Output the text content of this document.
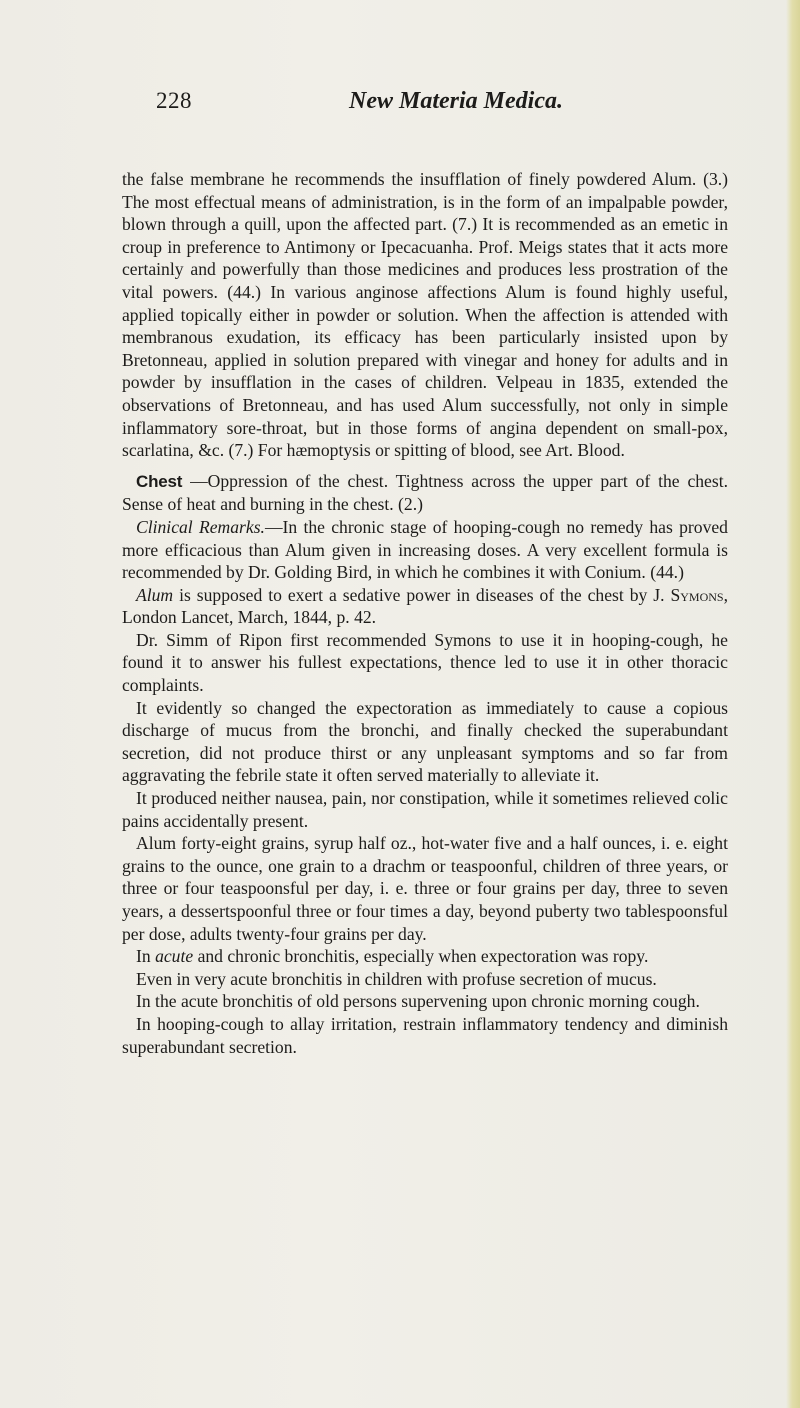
228	New Materia Medica.

the false membrane he recommends the insufflation of finely powdered Alum. (3.) The most effectual means of administration, is in the form of an impalpable powder, blown through a quill, upon the affected part. (7.) It is recommended as an emetic in croup in preference to Antimony or Ipecacuanha. Prof. Meigs states that it acts more certainly and powerfully than those medicines and produces less prostration of the vital powers. (44.) In various anginose affections Alum is found highly useful, applied topically either in powder or solution. When the affection is attended with membranous exudation, its efficacy has been particularly insisted upon by Bretonneau, applied in solution prepared with vinegar and honey for adults and in powder by insufflation in the cases of children. Velpeau in 1835, extended the observations of Bretonneau, and has used Alum successfully, not only in simple inflammatory sore-throat, but in those forms of angina dependent on small-pox, scarlatina, &c. (7.) For hæmoptysis or spitting of blood, see Art. Blood.

Chest —Oppression of the chest. Tightness across the upper part of the chest. Sense of heat and burning in the chest. (2.)

Clinical Remarks.—In the chronic stage of hooping-cough no remedy has proved more efficacious than Alum given in increasing doses. A very excellent formula is recommended by Dr. Golding Bird, in which he combines it with Conium. (44.)

Alum is supposed to exert a sedative power in diseases of the chest by J. Symons, London Lancet, March, 1844, p. 42.

Dr. Simm of Ripon first recommended Symons to use it in hooping-cough, he found it to answer his fullest expectations, thence led to use it in other thoracic complaints.

It evidently so changed the expectoration as immediately to cause a copious discharge of mucus from the bronchi, and finally checked the superabundant secretion, did not produce thirst or any unpleasant symptoms and so far from aggravating the febrile state it often served materially to alleviate it.

It produced neither nausea, pain, nor constipation, while it sometimes relieved colic pains accidentally present.

Alum forty-eight grains, syrup half oz., hot-water five and a half ounces, i. e. eight grains to the ounce, one grain to a drachm or teaspoonful, children of three years, or three or four teaspoonsful per day, i. e. three or four grains per day, three to seven years, a dessertspoonful three or four times a day, beyond puberty two tablespoonsful per dose, adults twenty-four grains per day.

In acute and chronic bronchitis, especially when expectoration was ropy.

Even in very acute bronchitis in children with profuse secretion of mucus.

In the acute bronchitis of old persons supervening upon chronic morning cough.

In hooping-cough to allay irritation, restrain inflammatory tendency and diminish superabundant secretion.
